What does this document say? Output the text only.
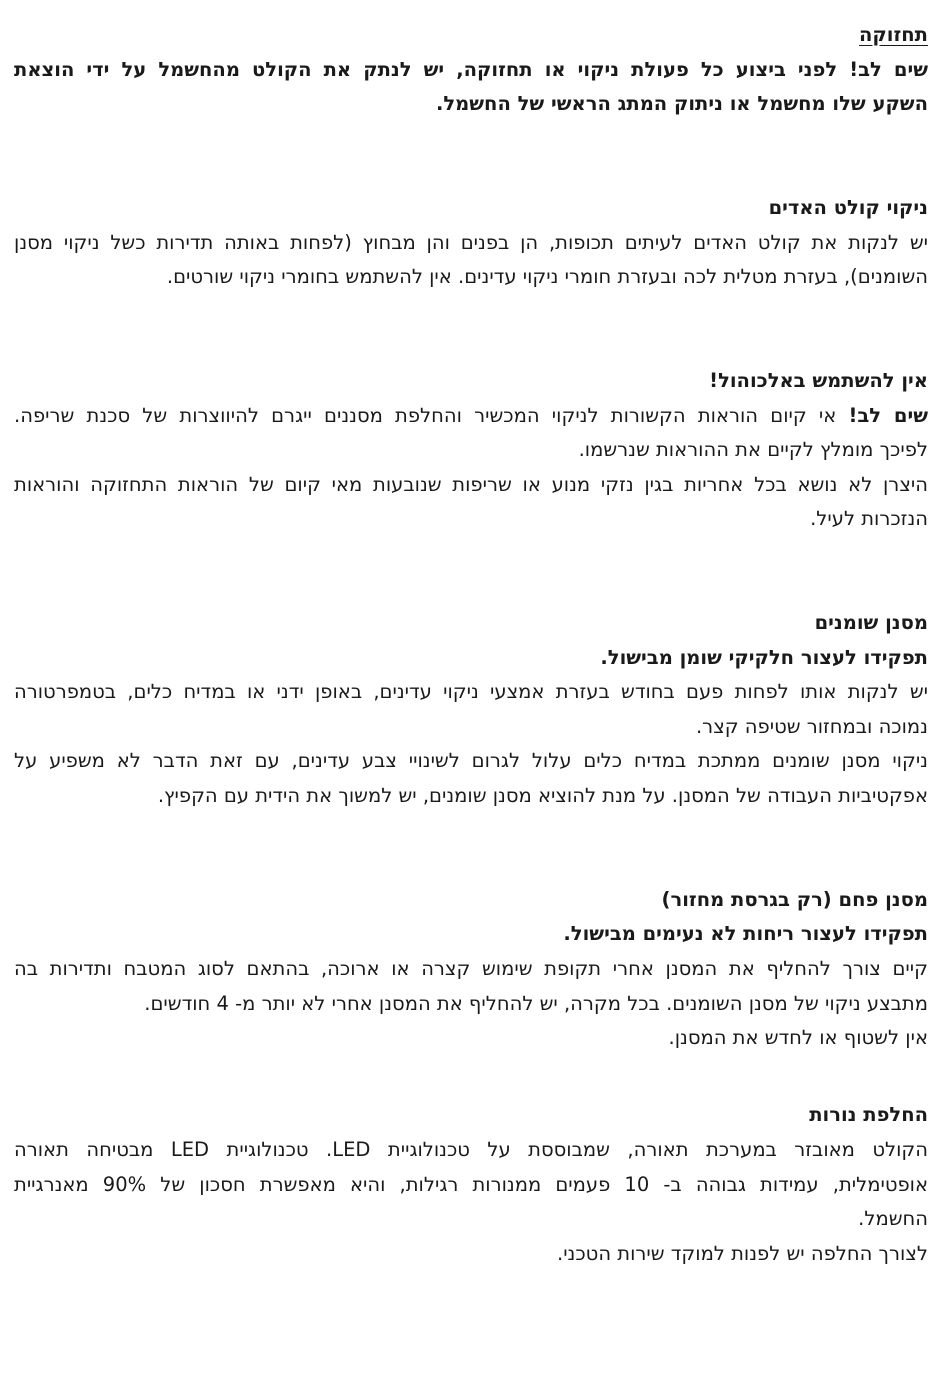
תחזוקה
שים לב! לפני ביצוע כל פעולת ניקוי או תחזוקה, יש לנתק את הקולט מהחשמל על ידי הוצאת
השקע שלו מחשמל או ניתוק המתג הראשי של החשמל.
ניקוי קולט האדים
יש לנקות את קולט האדים לעיתים תכופות, הן בפנים והן מבחוץ (לפחות באותה תדירות כשל ניקוי מסנן
השומנים), בעזרת מטלית לכה ובעזרת חומרי ניקוי עדינים. אין להשתמש בחומרי ניקוי שורטים.
אין להשתמש באלכוהול!
שים לב! אי קיום הוראות הקשורות לניקוי המכשיר והחלפת מסננים ייגרם להיווצרות של סכנת שריפה.
לפיכך מומלץ לקיים את ההוראות שנרשמו.
היצרן לא נושא בכל אחריות בגין נזקי מנוע או שריפות שנובעות מאי קיום של הוראות התחזוקה והוראות
הנזכרות לעיל.
מסנן שומנים
תפקידו לעצור חלקיקי שומן מבישול.
יש לנקות אותו לפחות פעם בחודש בעזרת אמצעי ניקוי עדינים, באופן ידני או במדיח כלים, בטמפרטורה
נמוכה ובמחזור שטיפה קצר.
ניקוי מסנן שומנים ממתכת במדיח כלים עלול לגרום לשינויי צבע עדינים, עם זאת הדבר לא משפיע על
אפקטיביות העבודה של המסנן. על מנת להוציא מסנן שומנים, יש למשוך את הידית עם הקפיץ.
מסנן פחם (רק בגרסת מחזור)
תפקידו לעצור ריחות לא נעימים מבישול.
קיים צורך להחליף את המסנן אחרי תקופת שימוש קצרה או ארוכה, בהתאם לסוג המטבח ותדירות בה
מתבצע ניקוי של מסנן השומנים. בכל מקרה, יש להחליף את המסנן אחרי לא יותר מ- 4 חודשים.
אין לשטוף או לחדש את המסנן.
החלפת נורות
הקולט מאובזר במערכת תאורה, שמבוססת על טכנולוגיית LED. טכנולוגיית LED מבטיחה תאורה
אופטימלית, עמידות גבוהה ב- 10 פעמים ממנורות רגילות, והיא מאפשרת חסכון של 90% מאנרגיית
החשמל.
לצורך החלפה יש לפנות למוקד שירות הטכני.
